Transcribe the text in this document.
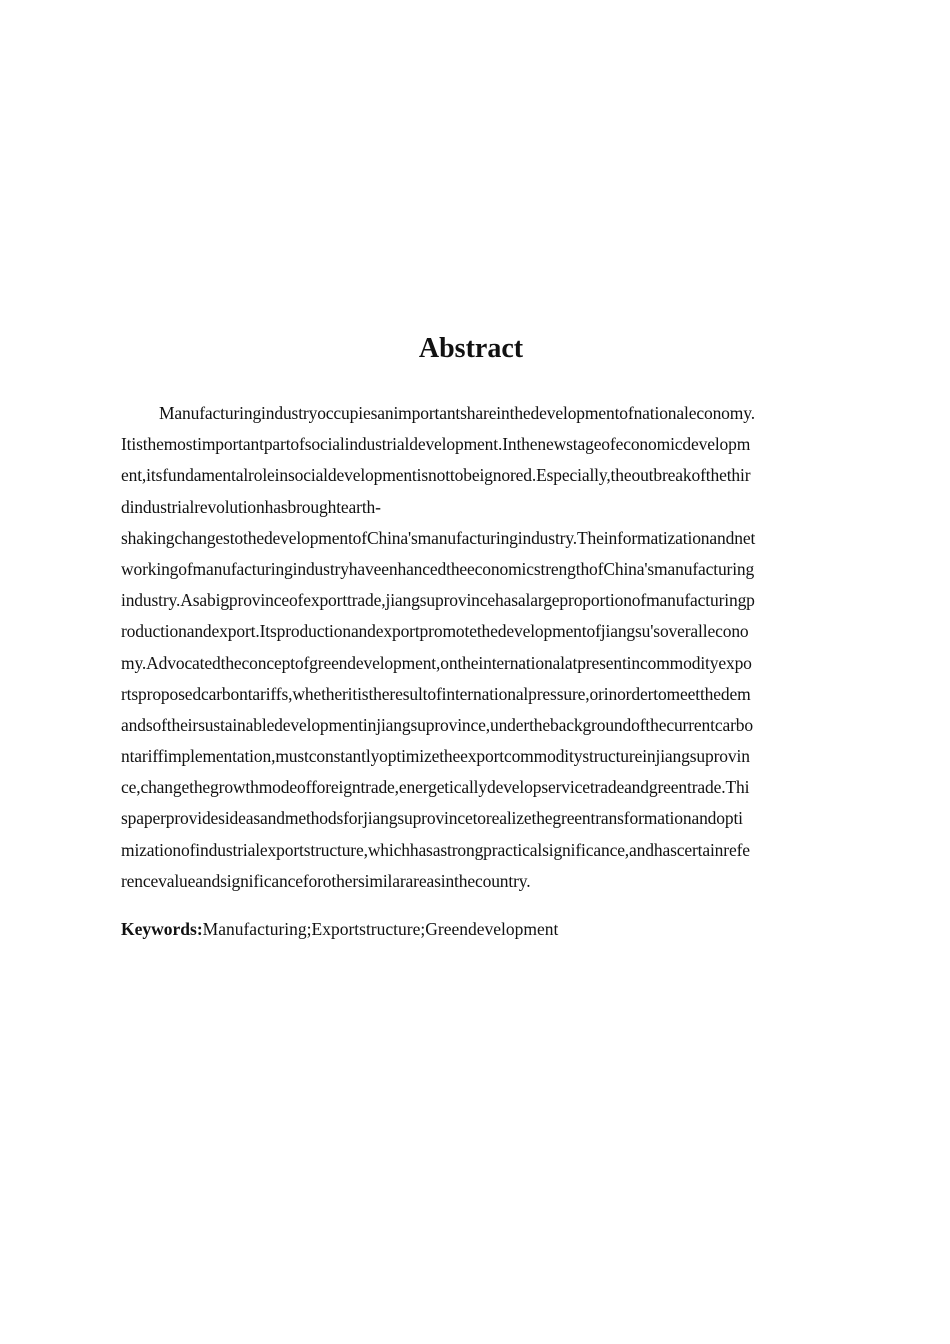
Abstract
Manufacturingindustryoccupiesanimportantshareinthedevelopmentofnationaleconomy.
Itisthemostimportantpartofsocialindustrialdevelopment.Inthenewstageofeconomicdevelopm
ent,itsfundamentalroleinsocialdevelopmentisnottobeignored.Especially,theoutbreakofthethir
dindustrialrevolutionhasbroughtearth-
shakingchangestothedevelopmentofChina'smanufacturingindustry.Theinformatizationandnet
workingofmanufacturingindustryhaveenhancedtheeconomicstrengthofChina'smanufacturing
industry.Asabigprovinceofexporttrade,jiangsuprovincehasalargeproportionofmanufacturingp
roductionandexport.Itsproductionandexportpromotethedevelopmentofjiangsu'soverallecono
my.Advocatedtheconceptofgreendevelopment,ontheinternationalatpresentincommodityexpo
rtsproposedcarbontariffs,whetheritistheresultofinternationalpressure,orinordertomeetthedem
andsoftheirsustainabledevelopmentinjiangsuprovince,underthebackgroundofthecurrentcarbo
ntariffimplementation,mustconstantlyoptimizetheexportcommoditystructureinjiangsuprovin
ce,changethegrowthmodeofforeigntrade,energeticallydevelopservicetradeandgreentrade.Thi
spaperprovidesideasandmethodsforjiangsuprovincetorealizethegreentransformationandopti
mizationofindustrialexportstructure,whichhasastrongpracticalsignificance,andhascertainrefe
rencevalueandsignificanceforothersimilarareasinthecountry.
Keywords:Manufacturing;Exportstructure;Greendevelopment
